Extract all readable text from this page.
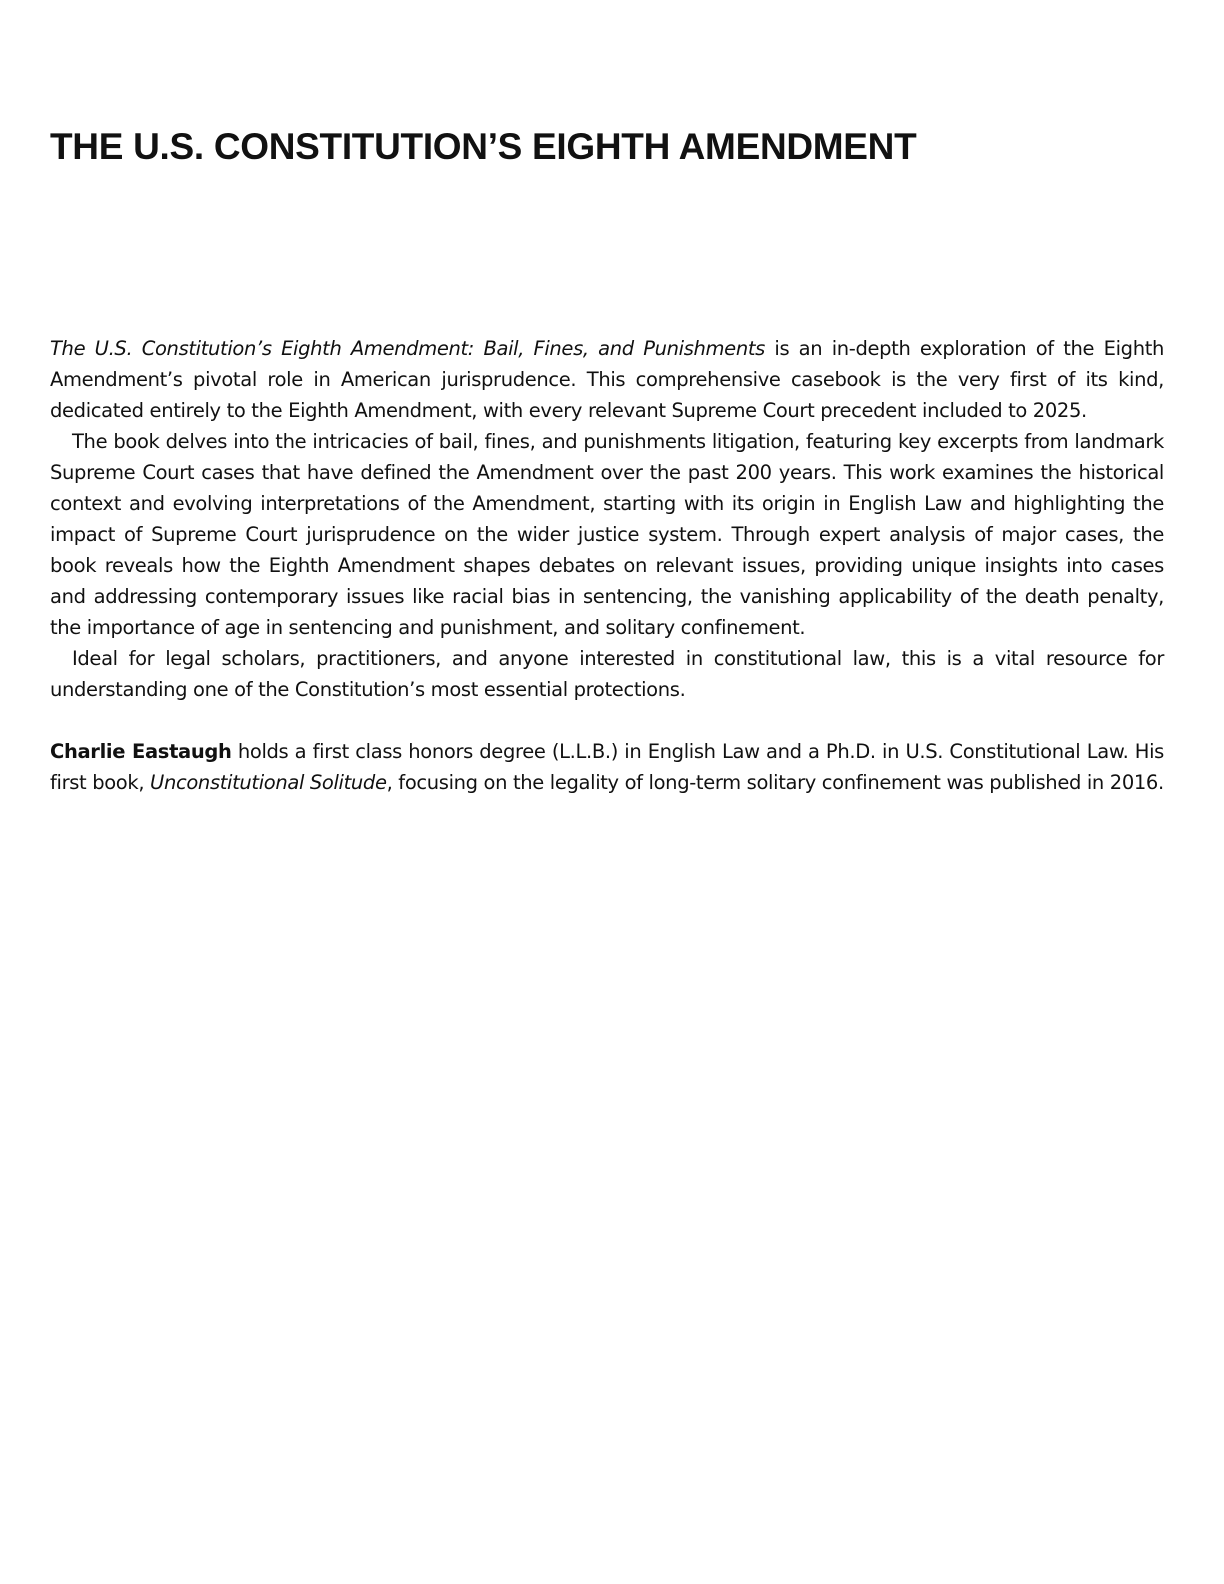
THE U.S. CONSTITUTION’S EIGHTH AMENDMENT

The U.S. Constitution’s Eighth Amendment: Bail, Fines, and Punishments is an in-depth exploration of the Eighth Amendment’s pivotal role in American jurisprudence. This comprehensive casebook is the very first of its kind, dedicated entirely to the Eighth Amendment, with every relevant Supreme Court precedent included to 2025.

The book delves into the intricacies of bail, fines, and punishments litigation, featuring key excerpts from landmark Supreme Court cases that have defined the Amendment over the past 200 years. This work examines the historical context and evolving interpretations of the Amendment, starting with its origin in English Law and highlighting the impact of Supreme Court jurisprudence on the wider justice system. Through expert analysis of major cases, the book reveals how the Eighth Amendment shapes debates on relevant issues, providing unique insights into cases and addressing contemporary issues like racial bias in sentencing, the vanishing applicability of the death penalty, the importance of age in sentencing and punishment, and solitary confinement.

Ideal for legal scholars, practitioners, and anyone interested in constitutional law, this is a vital resource for understanding one of the Constitution’s most essential protections.

Charlie Eastaugh holds a first class honors degree (L.L.B.) in English Law and a Ph.D. in U.S. Constitutional Law. His first book, Unconstitutional Solitude, focusing on the legality of long-term solitary confinement was published in 2016.
